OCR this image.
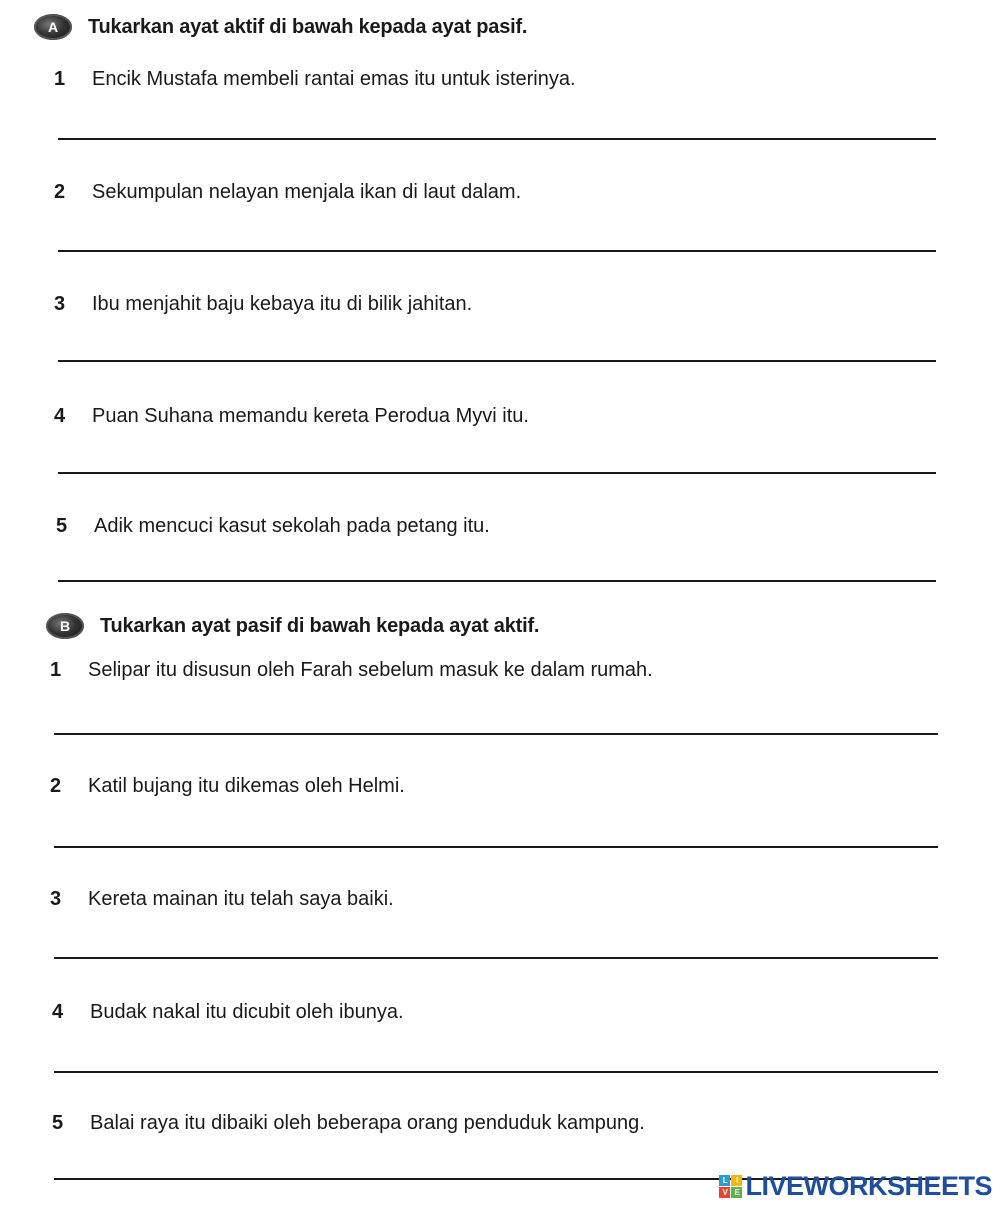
A	Tukarkan ayat aktif di bawah kepada ayat pasif.
1	Encik Mustafa membeli rantai emas itu untuk isterinya.
2	Sekumpulan nelayan menjala ikan di laut dalam.
3	Ibu menjahit baju kebaya itu di bilik jahitan.
4	Puan Suhana memandu kereta Perodua Myvi itu.
5	Adik mencuci kasut sekolah pada petang itu.
B	Tukarkan ayat pasif di bawah kepada ayat aktif.
1	Selipar itu disusun oleh Farah sebelum masuk ke dalam rumah.
2	Katil bujang itu dikemas oleh Helmi.
3	Kereta mainan itu telah saya baiki.
4	Budak nakal itu dicubit oleh ibunya.
5	Balai raya itu dibaiki oleh beberapa orang penduduk kampung.
L	I
V E LIVEWORKSHEETS
